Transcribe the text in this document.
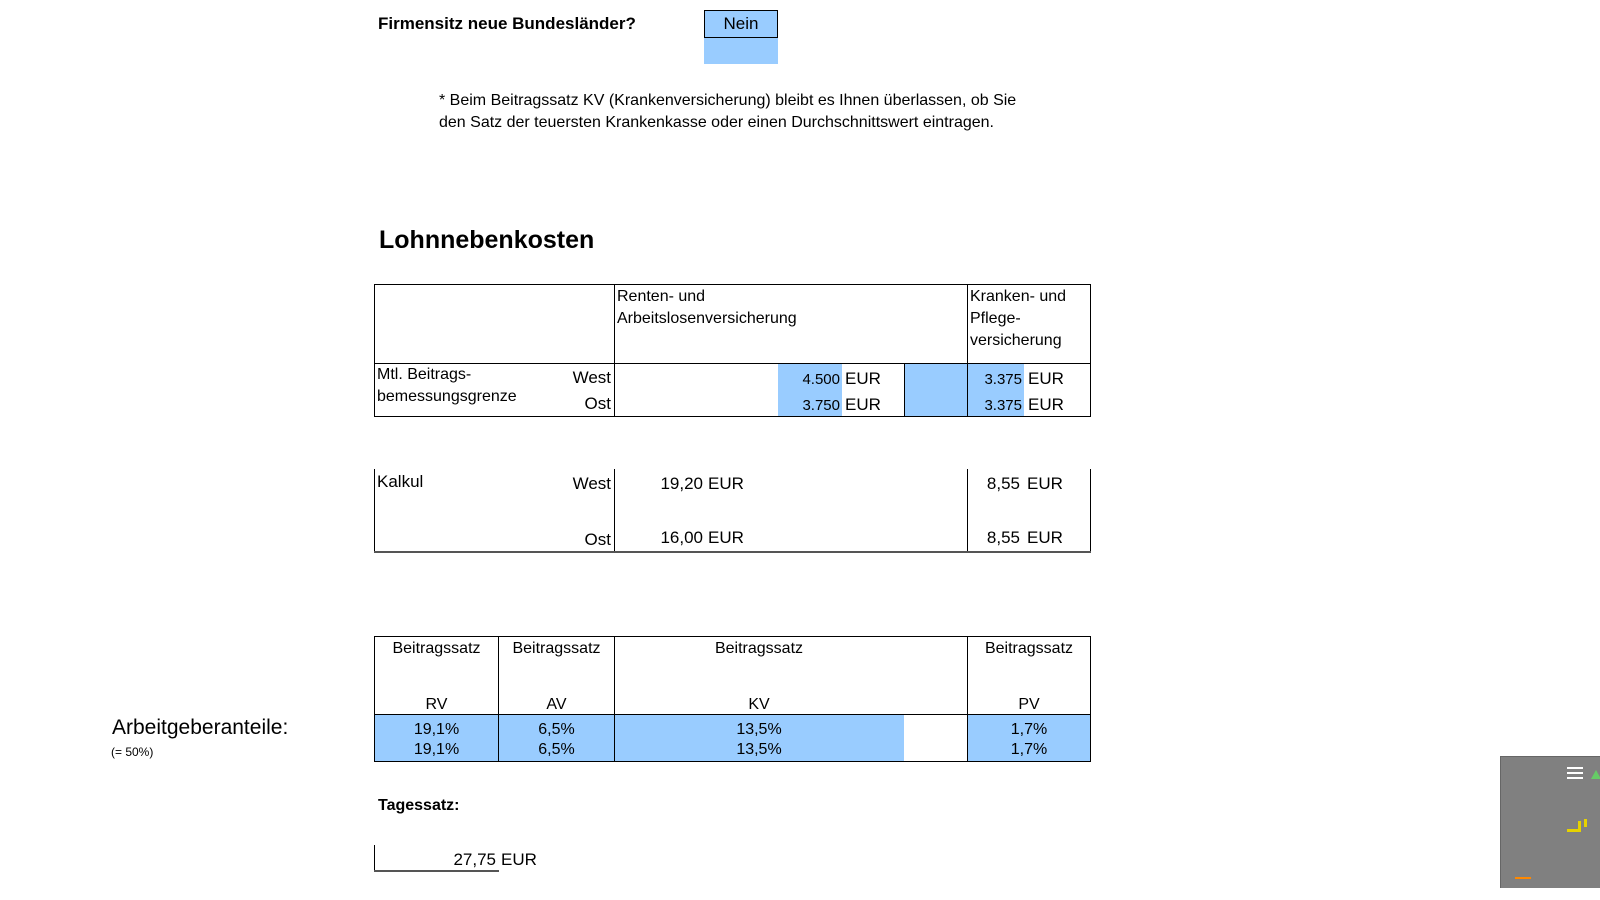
Firmensitz neue Bundesländer?	Nein
* Beim Beitragssatz KV (Krankenversicherung) bleibt es Ihnen überlassen, ob Sie
den Satz der teuersten Krankenkasse oder einen Durchschnittswert eintragen.
Lohnnebenkosten
Renten- und
Arbeitslosenversicherung
Kranken- und
Pflege-
versicherung
Mtl. Beitrags-
bemessungsgrenze
West
Ost
4.500 EUR
3.750 EUR
3.375 EUR
3.375 EUR
Kalkul	West
Ost
19,20 EUR
16,00 EUR
8,55 EUR
8,55 EUR
Beitragssatz
RV
Beitragssatz
AV
Beitragssatz
KV
Beitragssatz
PV
19,1%
19,1%
6,5%
6,5%
13,5%
13,5%
1,7%
1,7%
Arbeitgeberanteile:
(= 50%)
Tagessatz:
27,75 EUR
